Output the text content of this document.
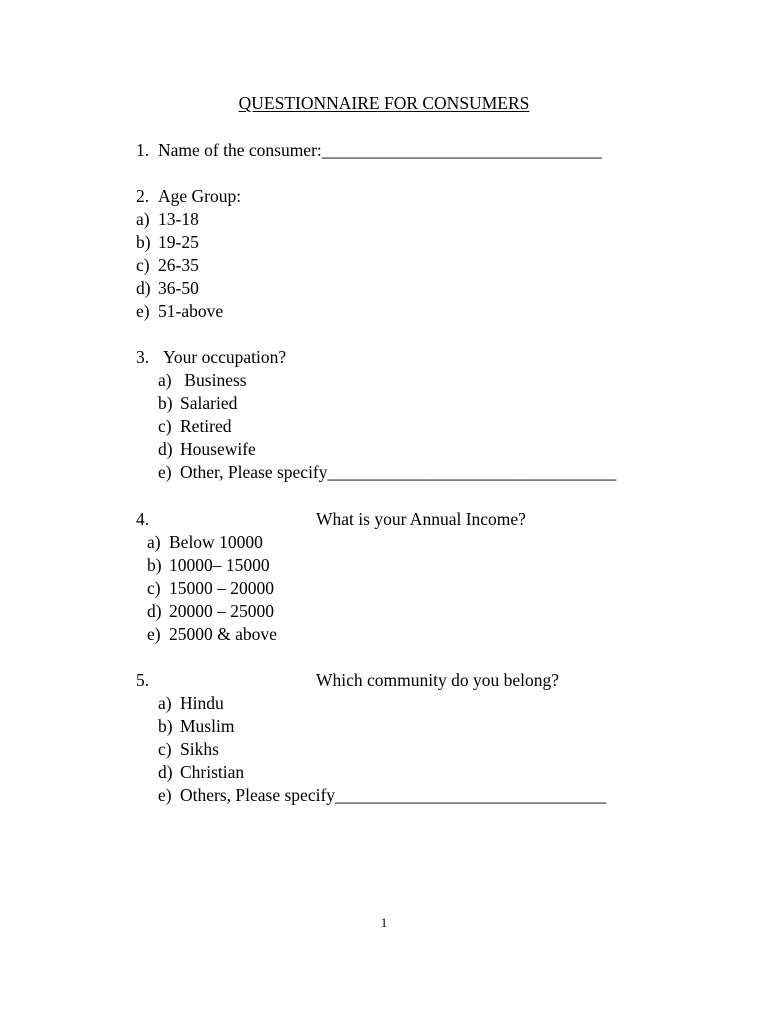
QUESTIONNAIRE FOR CONSUMERS
1. Name of the consumer:________________________________
2. Age Group:
a) 13-18
b) 19-25
c) 26-35
d) 36-50
e) 51-above
3. Your occupation?
a) Business
b) Salaried
c) Retired
d) Housewife
e) Other, Please specify_________________________________
4.	What is your Annual Income?
a) Below 10000
b) 10000– 15000
c) 15000 – 20000
d) 20000 – 25000
e) 25000 & above
5.	Which community do you belong?
a) Hindu
b) Muslim
c) Sikhs
d) Christian
e) Others, Please specify_______________________________
1
